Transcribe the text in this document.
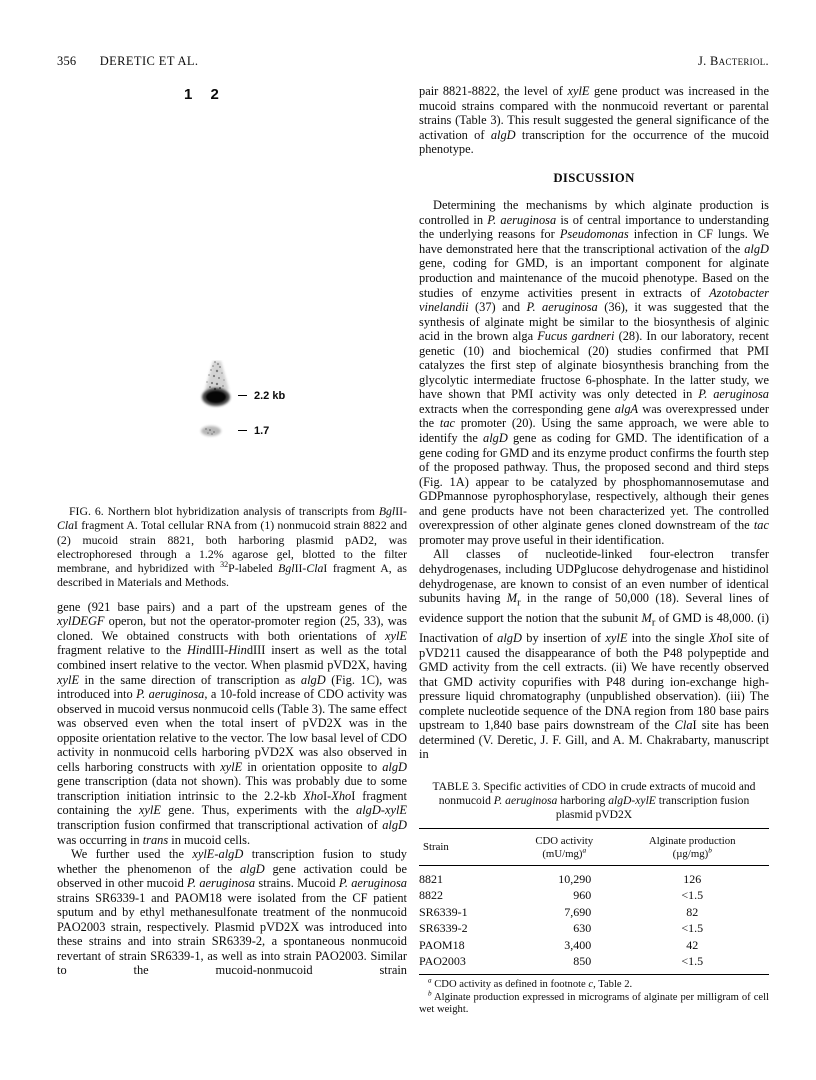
356 DERETIC ET AL.	J. Bacteriol.
1 2
2.2 kb
1.7

FIG. 6. Northern blot hybridization analysis of transcripts from BglII-ClaI fragment A. Total cellular RNA from (1) nonmucoid strain 8822 and (2) mucoid strain 8821, both harboring plasmid pAD2, was electrophoresed through a 1.2% agarose gel, blotted to the filter membrane, and hybridized with $^{32}$P-labeled BglII-ClaI fragment A, as described in Materials and Methods.

gene (921 base pairs) and a part of the upstream genes of the xylDEGF operon, but not the operator-promoter region (25, 33), was cloned. We obtained constructs with both orientations of xylE fragment relative to the HindIII-HindIII insert as well as the total combined insert relative to the vector. When plasmid pVD2X, having xylE in the same direction of transcription as algD (Fig. 1C), was introduced into P. aeruginosa, a 10-fold increase of CDO activity was observed in mucoid versus nonmucoid cells (Table 3). The same effect was observed even when the total insert of pVD2X was in the opposite orientation relative to the vector. The low basal level of CDO activity in nonmucoid cells harboring pVD2X was also observed in cells harboring constructs with xylE in orientation opposite to algD gene transcription (data not shown). This was probably due to some transcription initiation intrinsic to the 2.2-kb XhoI-XhoI fragment containing the xylE gene. Thus, experiments with the algD-xylE transcription fusion confirmed that transcriptional activation of algD was occurring in trans in mucoid cells.

We further used the xylE-algD transcription fusion to study whether the phenomenon of the algD gene activation could be observed in other mucoid P. aeruginosa strains. Mucoid P. aeruginosa strains SR6339-1 and PAOM18 were isolated from the CF patient sputum and by ethyl methanesulfonate treatment of the nonmucoid PAO2003 strain, respectively. Plasmid pVD2X was introduced into these strains and into strain SR6339-2, a spontaneous nonmucoid revertant of strain SR6339-1, as well as into strain PAO2003. Similar to the mucoid-nonmucoid strain

pair 8821-8822, the level of xylE gene product was increased in the mucoid strains compared with the nonmucoid revertant or parental strains (Table 3). This result suggested the general significance of the activation of algD transcription for the occurrence of the mucoid phenotype.

DISCUSSION

Determining the mechanisms by which alginate production is controlled in P. aeruginosa is of central importance to understanding the underlying reasons for Pseudomonas infection in CF lungs. We have demonstrated here that the transcriptional activation of the algD gene, coding for GMD, is an important component for alginate production and maintenance of the mucoid phenotype. Based on the studies of enzyme activities present in extracts of Azotobacter vinelandii (37) and P. aeruginosa (36), it was suggested that the synthesis of alginate might be similar to the biosynthesis of alginic acid in the brown alga Fucus gardneri (28). In our laboratory, recent genetic (10) and biochemical (20) studies confirmed that PMI catalyzes the first step of alginate biosynthesis branching from the glycolytic intermediate fructose 6-phosphate. In the latter study, we have shown that PMI activity was only detected in P. aeruginosa extracts when the corresponding gene algA was overexpressed under the tac promoter (20). Using the same approach, we were able to identify the algD gene as coding for GMD. The identification of a gene coding for GMD and its enzyme product confirms the fourth step of the proposed pathway. Thus, the proposed second and third steps (Fig. 1A) appear to be catalyzed by phosphomannosemutase and GDPmannose pyrophosphorylase, respectively, although their genes and gene products have not been characterized yet. The controlled overexpression of other alginate genes cloned downstream of the tac promoter may prove useful in their identification.

All classes of nucleotide-linked four-electron transfer dehydrogenases, including UDPglucose dehydrogenase and histidinol dehydrogenase, are known to consist of an even number of identical subunits having $M_r$ in the range of 50,000 (18). Several lines of evidence support the notion that the subunit $M_r$ of GMD is 48,000. (i) Inactivation of algD by insertion of xylE into the single XhoI site of pVD211 caused the disappearance of both the P48 polypeptide and GMD activity from the cell extracts. (ii) We have recently observed that GMD activity copurifies with P48 during ion-exchange high-pressure liquid chromatography (unpublished observation). (iii) The complete nucleotide sequence of the DNA region from 180 base pairs upstream to 1,840 base pairs downstream of the ClaI site has been determined (V. Deretic, J. F. Gill, and A. M. Chakrabarty, manuscript in

TABLE 3. Specific activities of CDO in crude extracts of mucoid and nonmucoid P. aeruginosa harboring algD-xylE transcription fusion plasmid pVD2X

Strain	CDO activity
$(mU/mg)^a$	Alginate production
$(\mu g/mg)^b$

8821	10,290	126
8822	960	<1.5
SR6339-1	7,690	82
SR6339-2	630	<1.5
PAOM18	3,400	42
PAO2003	850	<1.5

$^a$ CDO activity as defined in footnote c, Table 2.

$^b$ Alginate production expressed in micrograms of alginate per milligram of cell wet weight.
